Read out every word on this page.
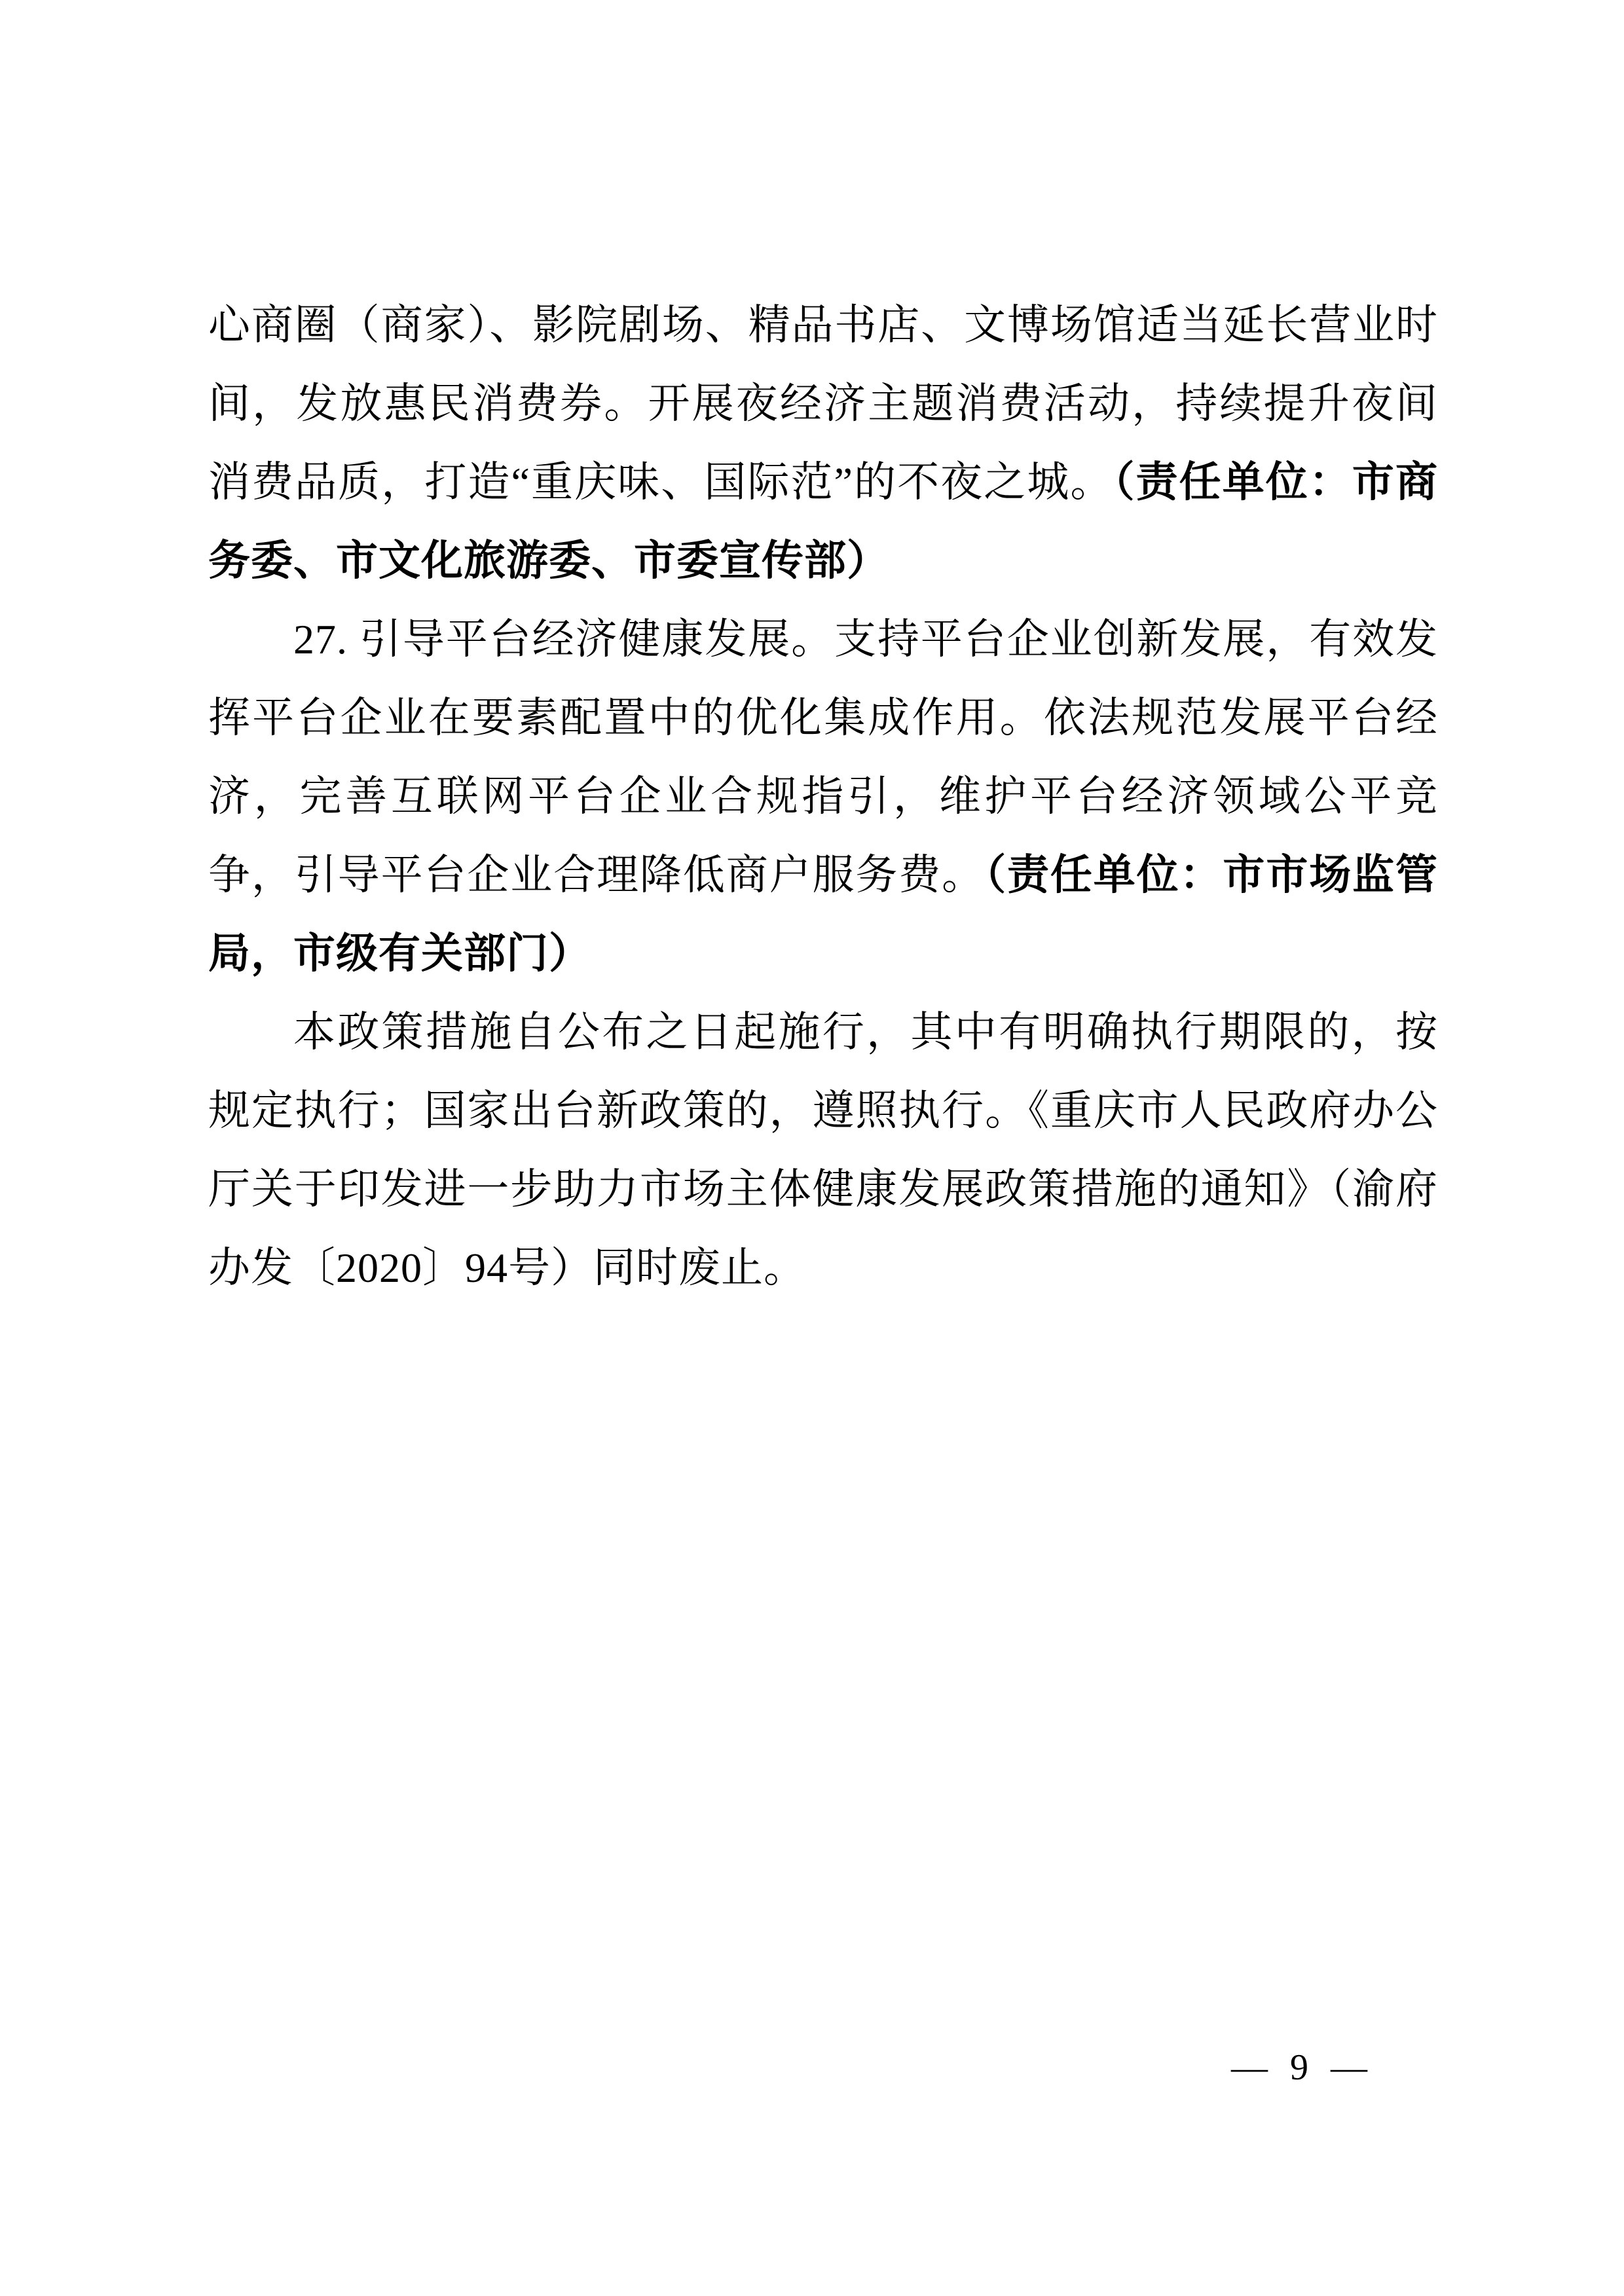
心商圈（商家）、影院剧场、精品书店、文博场馆适当延长营业时间，发放惠民消费券。开展夜经济主题消费活动，持续提升夜间消费品质，打造“重庆味、国际范”的不夜之城。（责任单位：市商务委、市文化旅游委、市委宣传部）

27. 引导平台经济健康发展。支持平台企业创新发展，有效发挥平台企业在要素配置中的优化集成作用。依法规范发展平台经济，完善互联网平台企业合规指引，维护平台经济领域公平竞争，引导平台企业合理降低商户服务费。（责任单位：市市场监管局，市级有关部门）

本政策措施自公布之日起施行，其中有明确执行期限的，按规定执行；国家出台新政策的，遵照执行。《重庆市人民政府办公厅关于印发进一步助力市场主体健康发展政策措施的通知》（渝府办发〔2020〕94号）同时废止。

— 9 —
